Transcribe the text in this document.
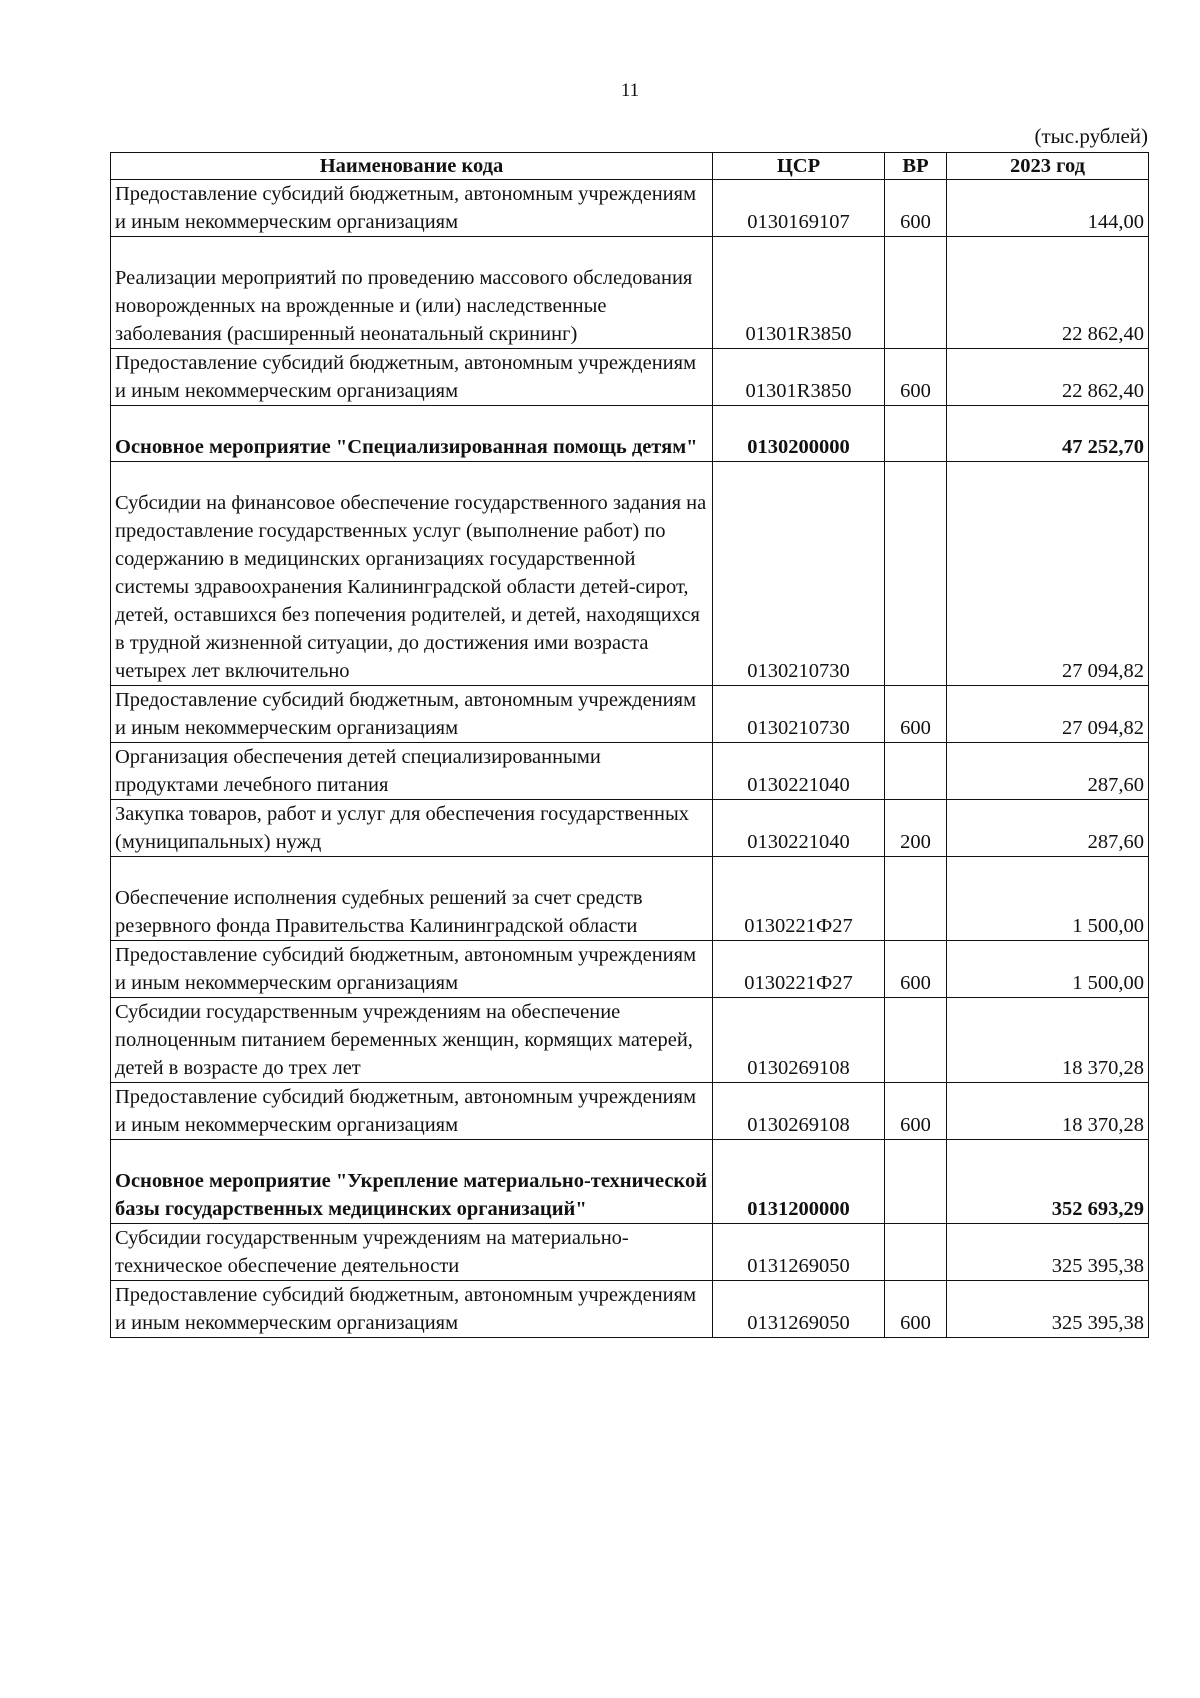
11
(тыс.рублей)
Наименование кода	ЦСР	ВР	2023 год
Предоставление субсидий бюджетным, автономным учреждениям и иным некоммерческим организациям	0130169107	600	144,00
Реализации мероприятий по проведению массового обследования новорожденных на врожденные и (или) наследственные заболевания (расширенный неонатальный скрининг)	01301R3850		22 862,40
Предоставление субсидий бюджетным, автономным учреждениям и иным некоммерческим организациям	01301R3850	600	22 862,40
Основное мероприятие "Специализированная помощь детям"	0130200000		47 252,70
Субсидии на финансовое обеспечение государственного задания на предоставление государственных услуг (выполнение работ) по содержанию в медицинских организациях государственной системы здравоохранения Калининградской области детей-сирот, детей, оставшихся без попечения родителей, и детей, находящихся в трудной жизненной ситуации, до достижения ими возраста четырех лет включительно	0130210730		27 094,82
Предоставление субсидий бюджетным, автономным учреждениям и иным некоммерческим организациям	0130210730	600	27 094,82
Организация обеспечения детей специализированными продуктами лечебного питания	0130221040		287,60
Закупка товаров, работ и услуг для обеспечения государственных (муниципальных) нужд	0130221040	200	287,60
Обеспечение исполнения судебных решений за счет средств резервного фонда Правительства Калининградской области	0130221Ф27		1 500,00
Предоставление субсидий бюджетным, автономным учреждениям и иным некоммерческим организациям	0130221Ф27	600	1 500,00
Субсидии государственным учреждениям на обеспечение полноценным питанием беременных женщин, кормящих матерей, детей в возрасте до трех лет	0130269108		18 370,28
Предоставление субсидий бюджетным, автономным учреждениям и иным некоммерческим организациям	0130269108	600	18 370,28
Основное мероприятие "Укрепление материально-технической базы государственных медицинских организаций"	0131200000		352 693,29
Субсидии государственным учреждениям на материально-техническое обеспечение деятельности	0131269050		325 395,38
Предоставление субсидий бюджетным, автономным учреждениям и иным некоммерческим организациям	0131269050	600	325 395,38
